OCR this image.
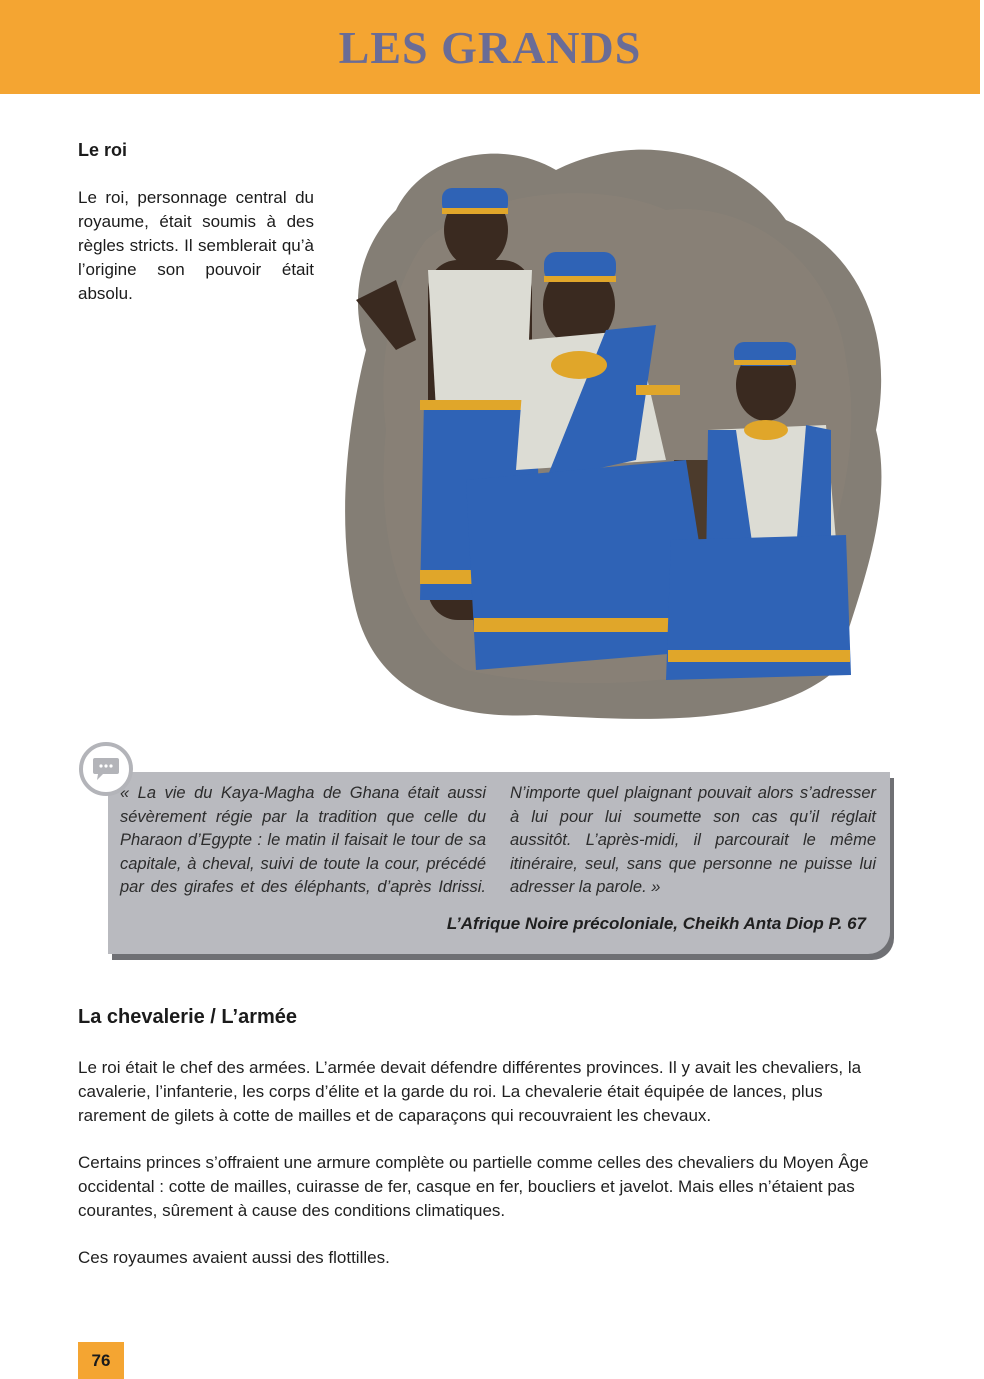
LES GRANDS
Le roi

Le roi, personnage central du royaume, était soumis à des règles stricts. Il semblerait qu’à l’origine son pouvoir était absolu.

« La vie du Kaya-Magha de Ghana était aussi sévèrement régie par la tradition que celle du Pharaon d’Egypte : le matin il faisait le tour de sa capitale, à cheval, suivi de toute la cour, précédé par des girafes et des éléphants, d’après Idrissi. N’importe quel plaignant pouvait alors s’adresser à lui pour lui soumette son cas qu’il réglait aussitôt. L’après-midi, il parcourait le même itinéraire, seul, sans que personne ne puisse lui adresser la parole. »

L’Afrique Noire précoloniale, Cheikh Anta Diop P. 67

La chevalerie / L’armée

Le roi était le chef des armées. L’armée devait défendre différentes provinces. Il y avait les chevaliers, la cavalerie, l’infanterie, les corps d’élite et la garde du roi. La chevalerie était équipée de lances, plus rarement de gilets à cotte de mailles et de caparaçons qui recouvraient les chevaux.

Certains princes s’offraient une armure complète ou partielle comme celles des chevaliers du Moyen Âge occidental : cotte de mailles, cuirasse de fer, casque en fer, boucliers et javelot. Mais elles n’étaient pas courantes, sûrement à cause des conditions climatiques.

Ces royaumes avaient aussi des flottilles.

76
